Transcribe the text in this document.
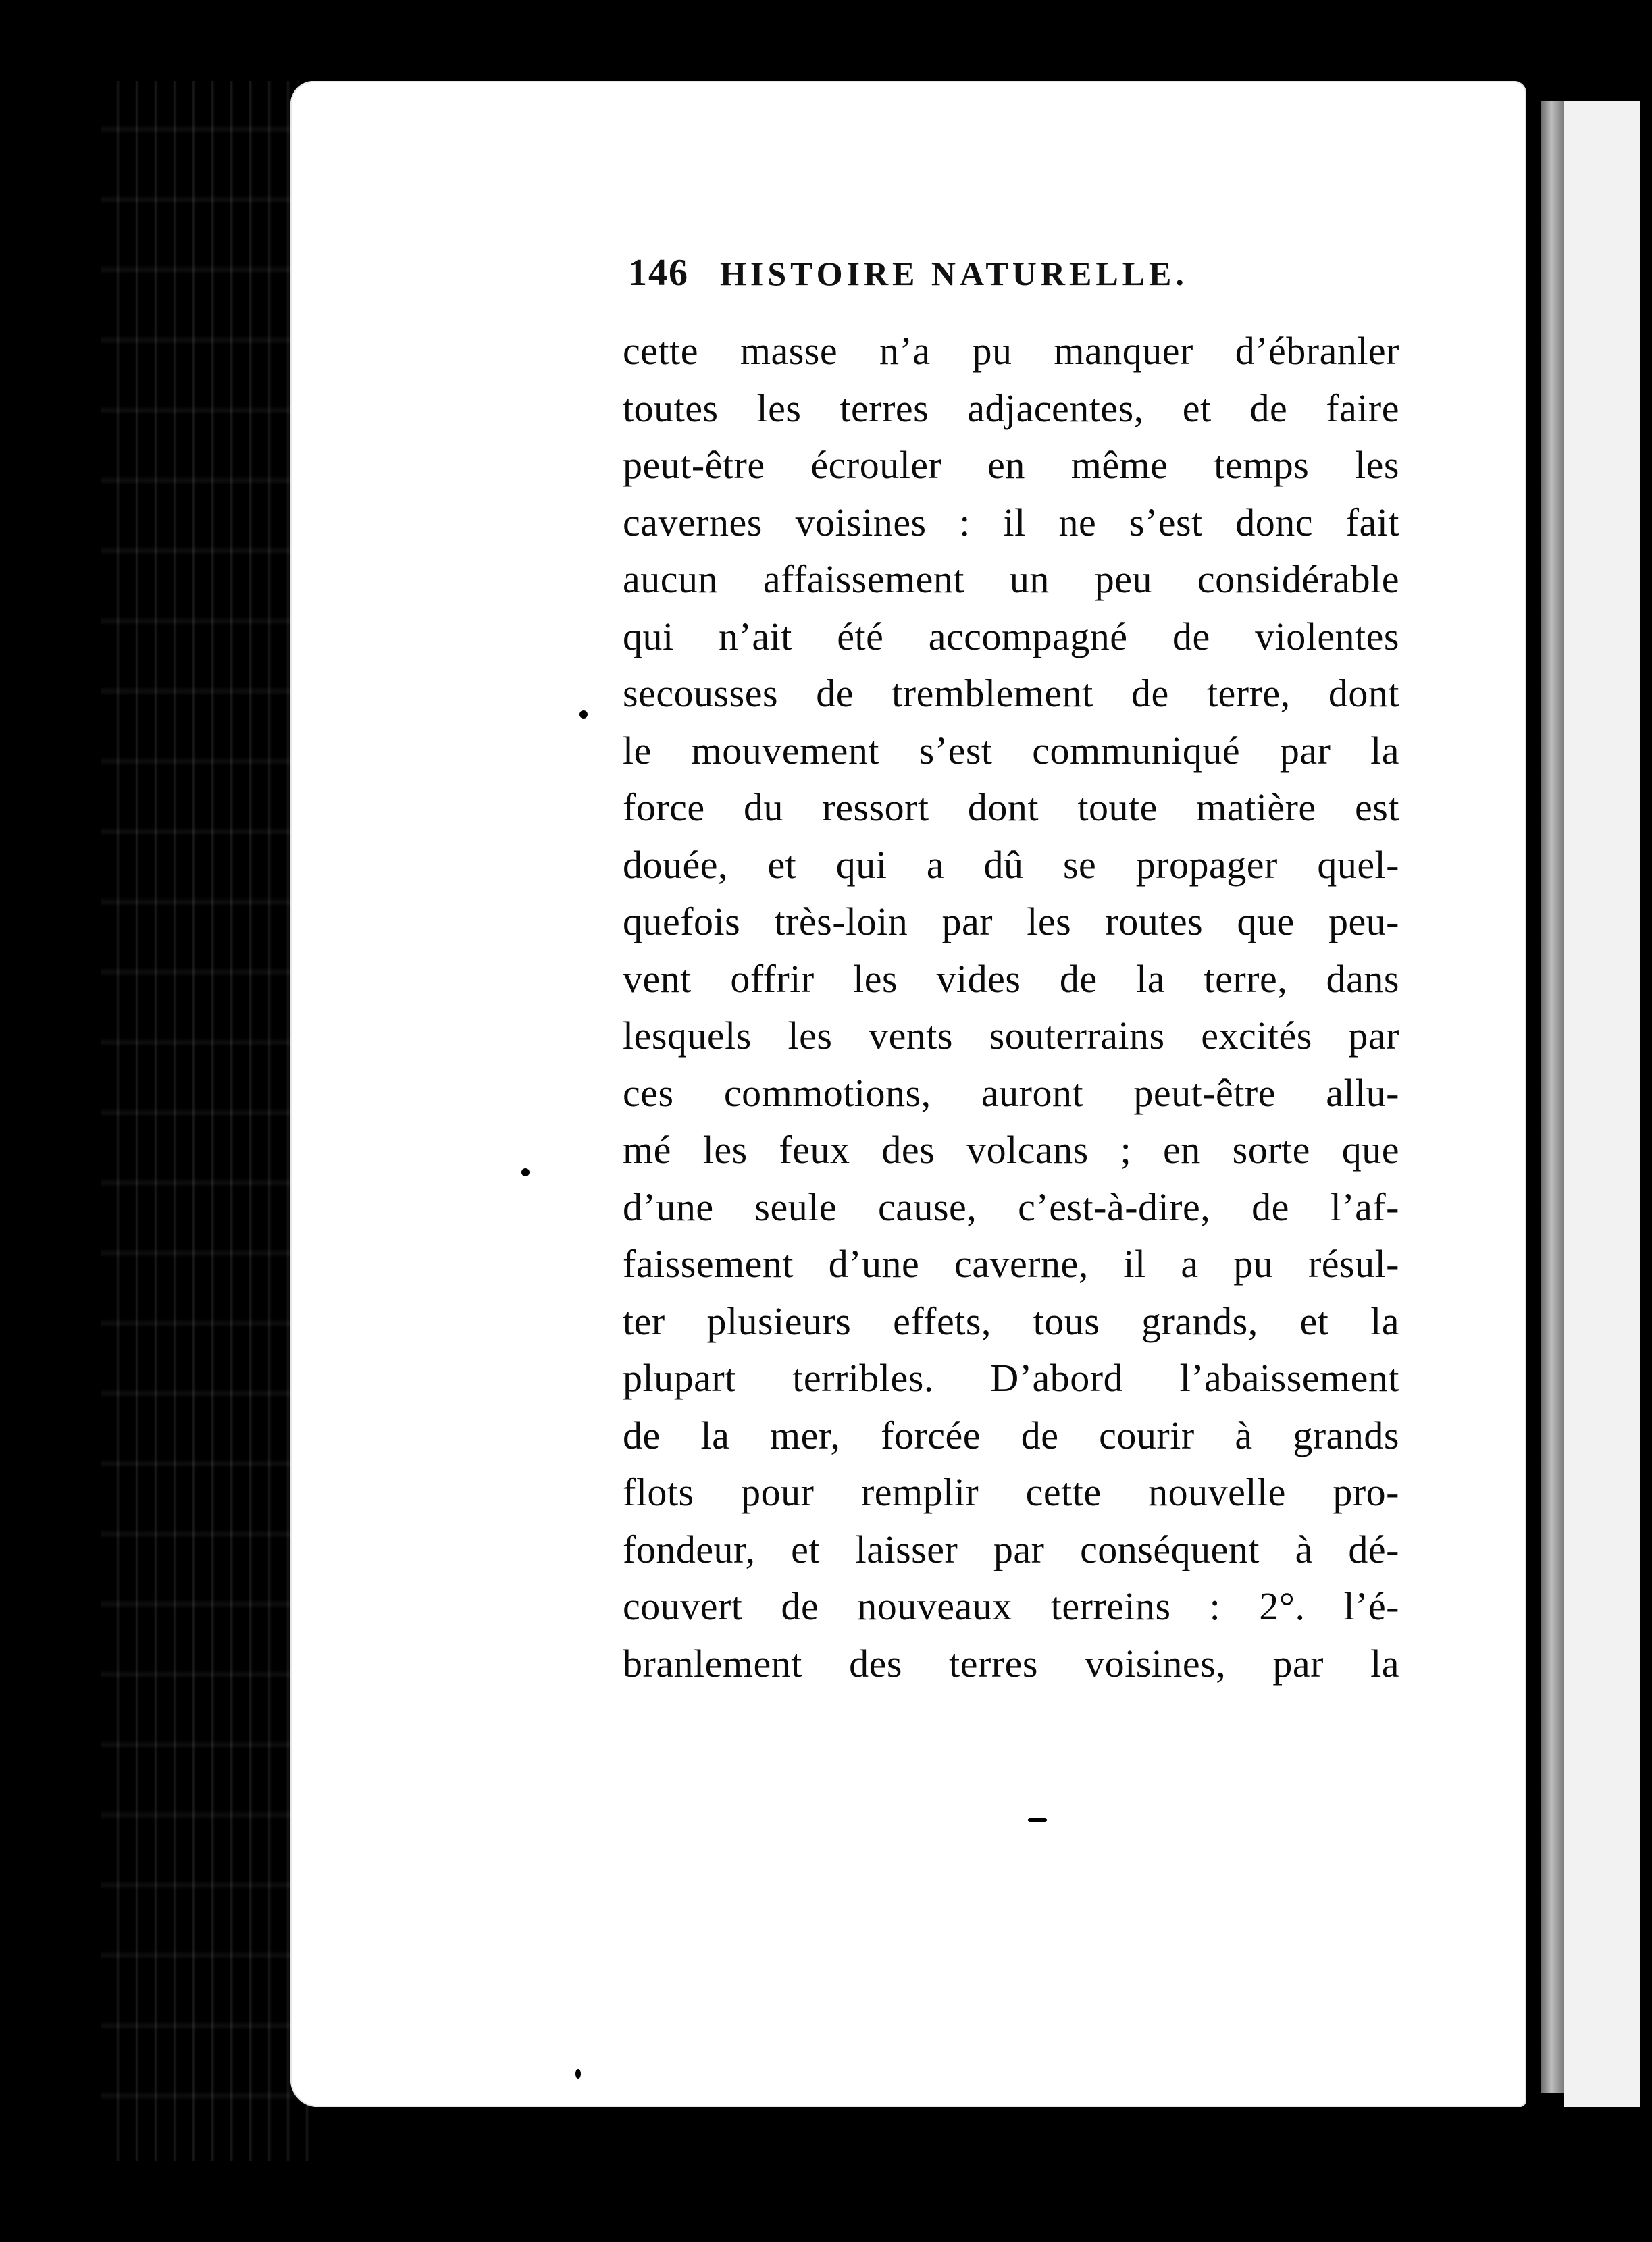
146 HISTOIRE NATURELLE.
cette masse n’a pu manquer d’ébranler
toutes les terres adjacentes, et de faire
peut-être écrouler en même temps les
cavernes voisines : il ne s’est donc fait
aucun affaissement un peu considérable
qui n’ait été accompagné de violentes
secousses de tremblement de terre, dont
le mouvement s’est communiqué par la
force du ressort dont toute matière est
douée, et qui a dû se propager quel-
quefois très-loin par les routes que peu-
vent offrir les vides de la terre, dans
lesquels les vents souterrains excités par
ces commotions, auront peut-être allu-
mé les feux des volcans ; en sorte que
d’une seule cause, c’est-à-dire, de l’af-
faissement d’une caverne, il a pu résul-
ter plusieurs effets, tous grands, et la
plupart terribles. D’abord l’abaissement
de la mer, forcée de courir à grands
flots pour remplir cette nouvelle pro-
fondeur, et laisser par conséquent à dé-
couvert de nouveaux terreins : 2°. l’é-
branlement des terres voisines, par la
